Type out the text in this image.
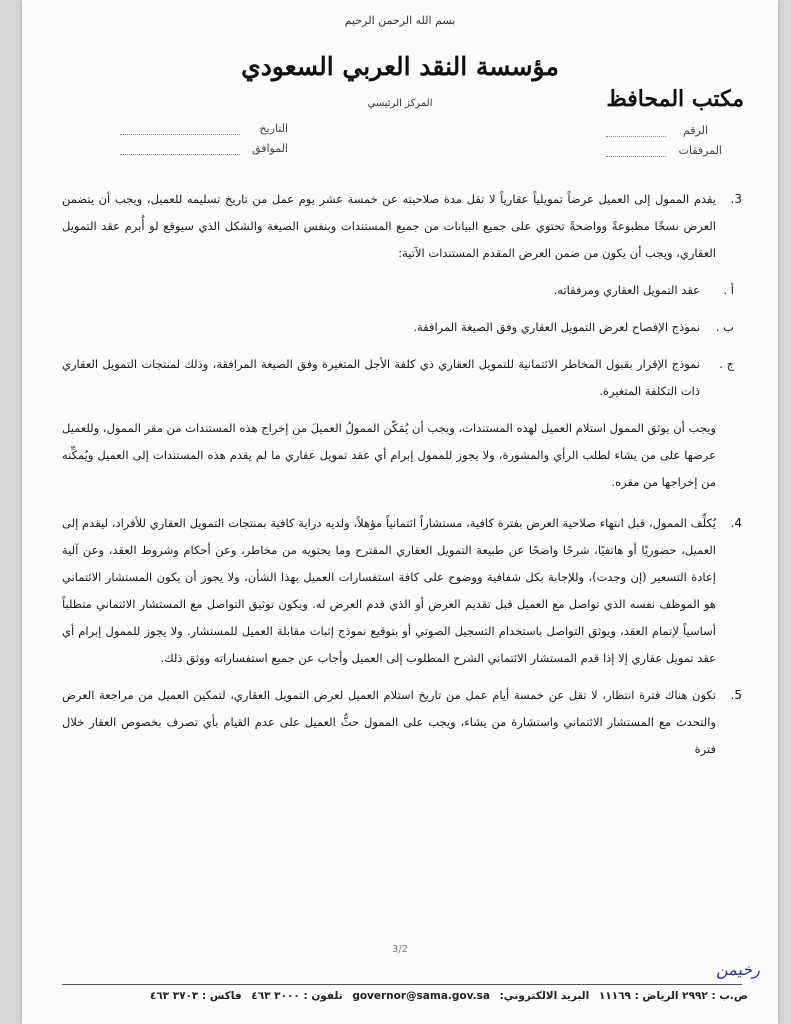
بسم الله الرحمن الرحيم
مؤسسة النقد العربي السعودي
المركز الرئيسي	مكتب المحافظ
الرقم
المرفقات
التاريخ
الموافق
3.
يقدم الممول إلى العميل عرضاً تمويلياً عقارياً لا تقل مدة صلاحيته عن خمسة عشر يوم عمل من تاريخ تسليمه للعميل، ويجب أن يتضمن العرض نسخًا مطبوعةً وواضحةً تحتوي على جميع البيانات من جميع المستندات وبنفس الصيغة والشكل الذي سيوقع لو أُبرم عقد التمويل العقاري، ويجب أن يكون من ضمن العرض المقدم المستندات الآتية:
أ .
عقد التمويل العقاري ومرفقاته.
ب .
نموذج الإفصاح لعرض التمويل العقاري وفق الصيغة المرافقة.
ج .
نموذج الإقرار بقبول المخاطر الائتمانية للتمويل العقاري ذي كلفة الأجل المتغيرة وفق الصيغة المرافقة، وذلك لمنتجات التمويل العقاري ذات التكلفة المتغيرة.
ويجب أن يوثق الممول استلام العميل لهذه المستندات، ويجب أن يُمَكّن الممولُ العميلَ من إخراج هذه المستندات من مقر الممول، وللعميل عرضها على من يشاء لطلب الرأي والمشورة، ولا يجوز للممول إبرام أي عقد تمويل عقاري ما لم يقدم هذه المستندات إلى العميل ويُمكِّنه من إخراجها من مقره.
4.
يُكلِّف الممول، قبل انتهاء صلاحية العرض بفترة كافية، مستشاراً ائتمانياً مؤهلاً، ولديه دراية كافية بمنتجات التمويل العقاري للأفراد، ليقدم إلى العميل، حضوريًا أو هاتفيًا، شرحًا واضحًا عن طبيعة التمويل العقاري المقترح وما يحتويه من مخاطر، وعن أحكام وشروط العقد، وعن آلية إعادة التسعير (إن وجدت)، وللإجابة بكل شفافية ووضوح على كافة استفسارات العميل بهذا الشأن، ولا يجوز أن يكون المستشار الائتماني هو الموظف نفسه الذي تواصل مع العميل قبل تقديم العرض أو الذي قدم العرض له. ويكون توثيق التواصل مع المستشار الائتماني متطلباً أساسياً لإتمام العقد، ويوثق التواصل باستخدام التسجيل الصوتي أو بتوقيع نموذج إثبات مقابلة العميل للمستشار. ولا يجوز للممول إبرام أي عقد تمويل عقاري إلا إذا قدم المستشار الائتماني الشرح المطلوب إلى العميل وأجاب عن جميع استفساراته ووثق ذلك.
5.
تكون هناك فترة انتظار، لا تقل عن خمسة أيام عمل من تاريخ استلام العميل لعرض التمويل العقاري، لتمكين العميل من مراجعة العرض والتحدث مع المستشار الائتماني واستشارة من يشاء، ويجب على الممول حثُّ العميل على عدم القيام بأي تصرف بخصوص العقار خلال فترة
3/2
رخيمن
ص.ب : ٢٩٩٢ الرياض : ١١١٦٩ البريد الالكتروني: governor@sama.gov.sa تلفون : ٣٠٠٠ ٤٦٣ فاكس : ٣٧٠٣ ٤٦٣
